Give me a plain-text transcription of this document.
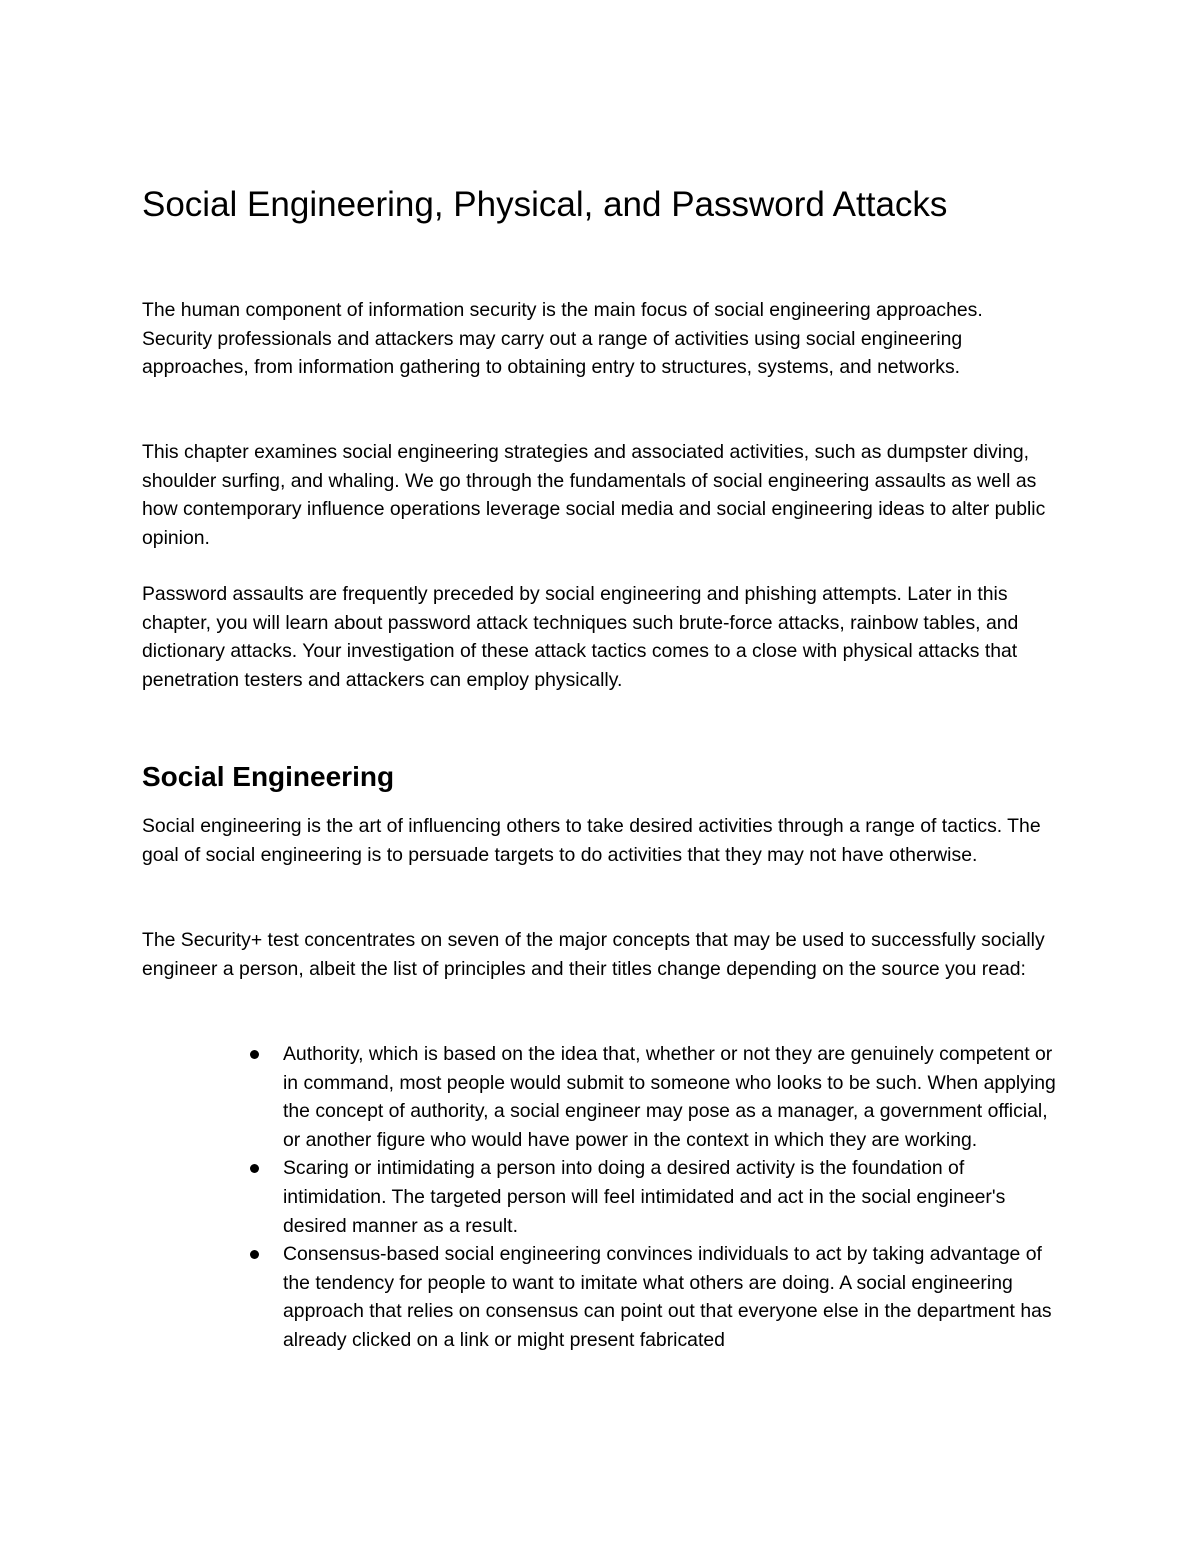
Social Engineering, Physical, and Password Attacks

The human component of information security is the main focus of social engineering approaches. Security professionals and attackers may carry out a range of activities using social engineering approaches, from information gathering to obtaining entry to structures, systems, and networks.

This chapter examines social engineering strategies and associated activities, such as dumpster diving, shoulder surfing, and whaling. We go through the fundamentals of social engineering assaults as well as how contemporary influence operations leverage social media and social engineering ideas to alter public opinion.

Password assaults are frequently preceded by social engineering and phishing attempts. Later in this chapter, you will learn about password attack techniques such brute-force attacks, rainbow tables, and dictionary attacks. Your investigation of these attack tactics comes to a close with physical attacks that penetration testers and attackers can employ physically.

Social Engineering

Social engineering is the art of influencing others to take desired activities through a range of tactics. The goal of social engineering is to persuade targets to do activities that they may not have otherwise.

The Security+ test concentrates on seven of the major concepts that may be used to successfully socially engineer a person, albeit the list of principles and their titles change depending on the source you read:

Authority, which is based on the idea that, whether or not they are genuinely competent or in command, most people would submit to someone who looks to be such. When applying the concept of authority, a social engineer may pose as a manager, a government official, or another figure who would have power in the context in which they are working.
Scaring or intimidating a person into doing a desired activity is the foundation of intimidation. The targeted person will feel intimidated and act in the social engineer's desired manner as a result.
Consensus-based social engineering convinces individuals to act by taking advantage of the tendency for people to want to imitate what others are doing. A social engineering approach that relies on consensus can point out that everyone else in the department has already clicked on a link or might present fabricated
